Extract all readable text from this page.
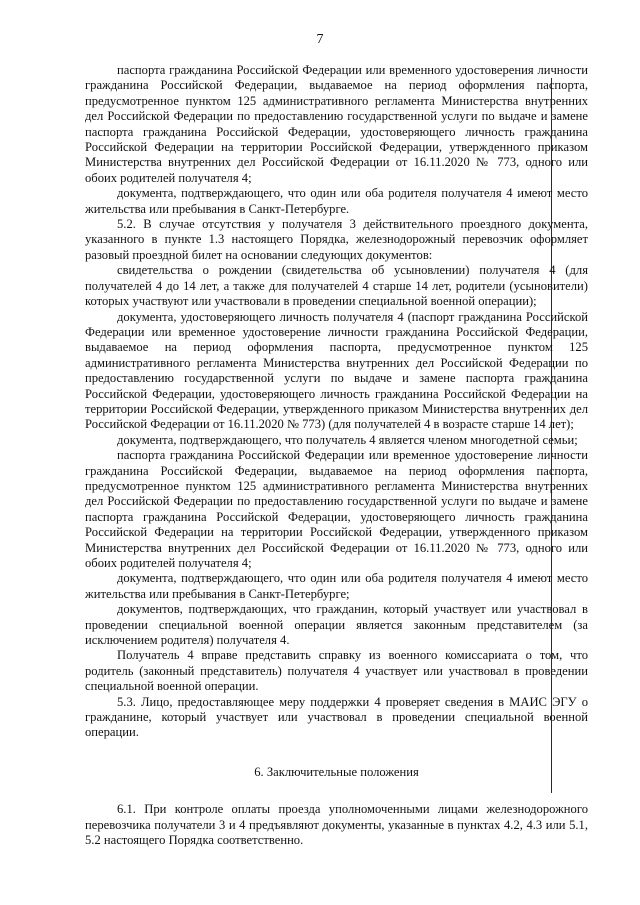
7

паспорта гражданина Российской Федерации или временного удостоверения личности гражданина Российской Федерации, выдаваемое на период оформления паспорта, предусмотренное пунктом 125 административного регламента Министерства внутренних дел Российской Федерации по предоставлению государственной услуги по выдаче и замене паспорта гражданина Российской Федерации, удостоверяющего личность гражданина Российской Федерации на территории Российской Федерации, утвержденного приказом Министерства внутренних дел Российской Федерации от 16.11.2020 № 773, одного или обоих родителей получателя 4;

документа, подтверждающего, что один или оба родителя получателя 4 имеют место жительства или пребывания в Санкт-Петербурге.

5.2. В случае отсутствия у получателя 3 действительного проездного документа, указанного в пункте 1.3 настоящего Порядка, железнодорожный перевозчик оформляет разовый проездной билет на основании следующих документов:

свидетельства о рождении (свидетельства об усыновлении) получателя 4 (для получателей 4 до 14 лет, а также для получателей 4 старше 14 лет, родители (усыновители) которых участвуют или участвовали в проведении специальной военной операции);

документа, удостоверяющего личность получателя 4 (паспорт гражданина Российской Федерации или временное удостоверение личности гражданина Российской Федерации, выдаваемое на период оформления паспорта, предусмотренное пунктом 125 административного регламента Министерства внутренних дел Российской Федерации по предоставлению государственной услуги по выдаче и замене паспорта гражданина Российской Федерации, удостоверяющего личность гражданина Российской Федерации на территории Российской Федерации, утвержденного приказом Министерства внутренних дел Российской Федерации от 16.11.2020 № 773) (для получателей 4 в возрасте старше 14 лет);

документа, подтверждающего, что получатель 4 является членом многодетной семьи;

паспорта гражданина Российской Федерации или временное удостоверение личности гражданина Российской Федерации, выдаваемое на период оформления паспорта, предусмотренное пунктом 125 административного регламента Министерства внутренних дел Российской Федерации по предоставлению государственной услуги по выдаче и замене паспорта гражданина Российской Федерации, удостоверяющего личность гражданина Российской Федерации на территории Российской Федерации, утвержденного приказом Министерства внутренних дел Российской Федерации от 16.11.2020 № 773, одного или обоих родителей получателя 4;

документа, подтверждающего, что один или оба родителя получателя 4 имеют место жительства или пребывания в Санкт-Петербурге;

документов, подтверждающих, что гражданин, который участвует или участвовал в проведении специальной военной операции является законным представителем (за исключением родителя) получателя 4.

Получатель 4 вправе представить справку из военного комиссариата о том, что родитель (законный представитель) получателя 4 участвует или участвовал в проведении специальной военной операции.

5.3. Лицо, предоставляющее меру поддержки 4 проверяет сведения в МАИС ЭГУ о гражданине, который участвует или участвовал в проведении специальной военной операции.

6. Заключительные положения

6.1. При контроле оплаты проезда уполномоченными лицами железнодорожного перевозчика получатели 3 и 4 предъявляют документы, указанные в пунктах 4.2, 4.3 или 5.1, 5.2 настоящего Порядка соответственно.
